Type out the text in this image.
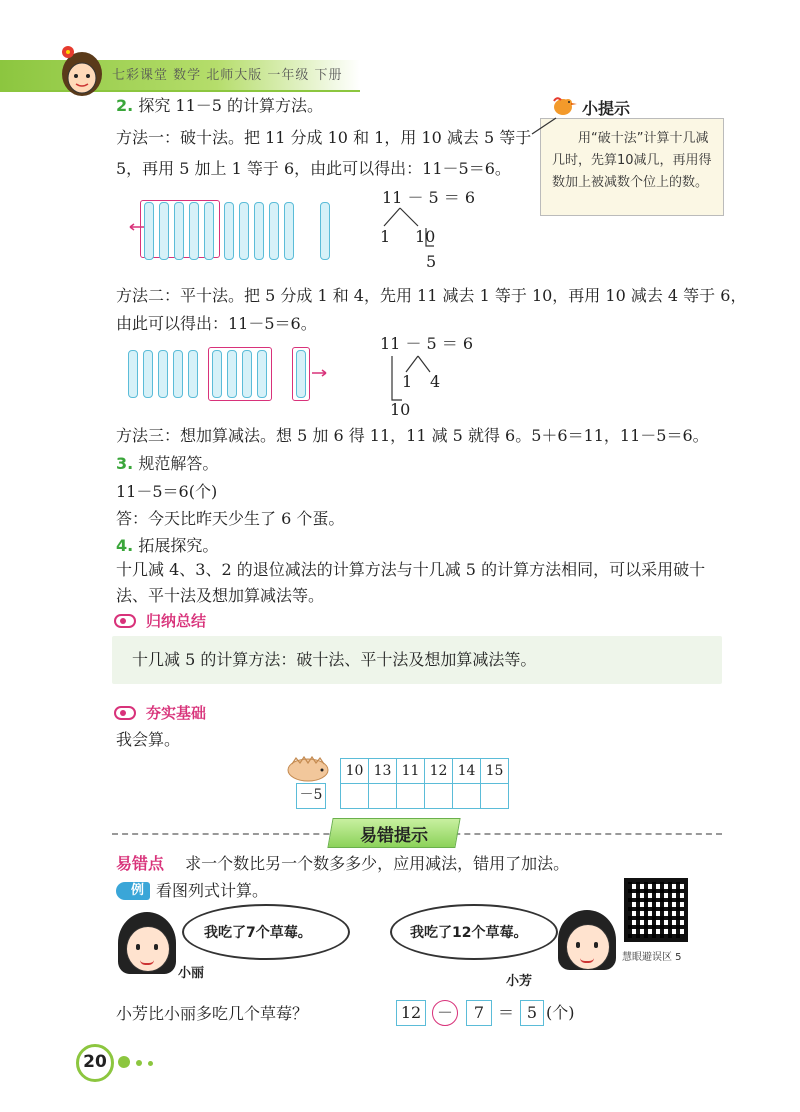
七彩课堂 数学 北师大版 一年级 下册
2. 探究 11－5 的计算方法。	小提示
用“破十法”计算十几减几时，先算10减几，再用得数加上被减数个位上的数。
方法一：破十法。把 11 分成 10 和 1，用 10 减去 5 等于
5，再用 5 加上 1 等于 6，由此可以得出：11－5＝6。
11 － 5 ＝ 6
1 10
5
方法二：平十法。把 5 分成 1 和 4，先用 11 减去 1 等于 10，再用 10 减去 4 等于 6，
由此可以得出：11－5＝6。
11 － 5 ＝ 6
1 4
10
方法三：想加算减法。想 5 加 6 得 11，11 减 5 就得 6。5＋6＝11，11－5＝6。
3. 规范解答。
11－5＝6(个)
答：今天比昨天少生了 6 个蛋。
4. 拓展探究。
十几减 4、3、2 的退位减法的计算方法与十几减 5 的计算方法相同，可以采用破十
法、平十法及想加算减法等。
归纳总结
十几减 5 的计算方法：破十法、平十法及想加算减法等。
夯实基础
我会算。
－5
10	13	11	12	14	15

易错提示
易错点 求一个数比另一个数多多少，应用减法，错用了加法。
例 看图列式计算。
我吃了7个草莓。
小丽
我吃了12个草莓。
小芳
慧眼避误区 5
小芳比小丽多吃几个草莓？	12 －	7 ＝ 5 (个)
20
